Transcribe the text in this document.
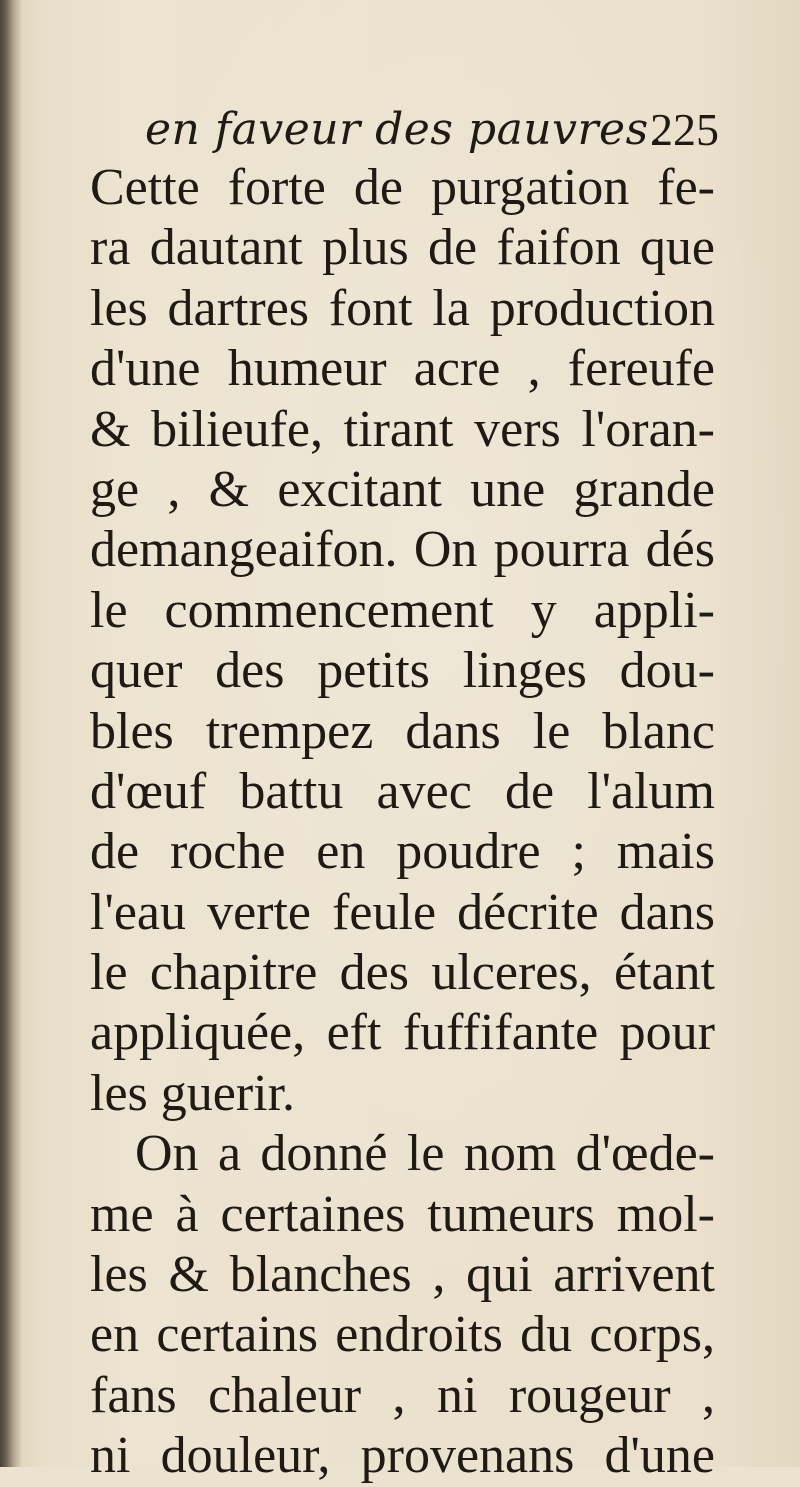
en faveur des pauvres.
225
Cette forte de purgation fe-
ra dautant plus de faifon que
les dartres font la production
d'une humeur acre , fereufe
& bilieufe, tirant vers l'oran-
ge , & excitant une grande
demangeaifon. On pourra dés
le commencement y appli-
quer des petits linges dou-
bles trempez dans le blanc
d'œuf battu avec de l'alum
de roche en poudre ; mais
l'eau verte feule décrite dans
le chapitre des ulceres, étant
appliquée, eft fuffifante pour
les guerir.
On a donné le nom d'œde-
me à certaines tumeurs mol-
les & blanches , qui arrivent
en certains endroits du corps,
fans chaleur , ni rougeur ,
ni douleur, provenans d'une
